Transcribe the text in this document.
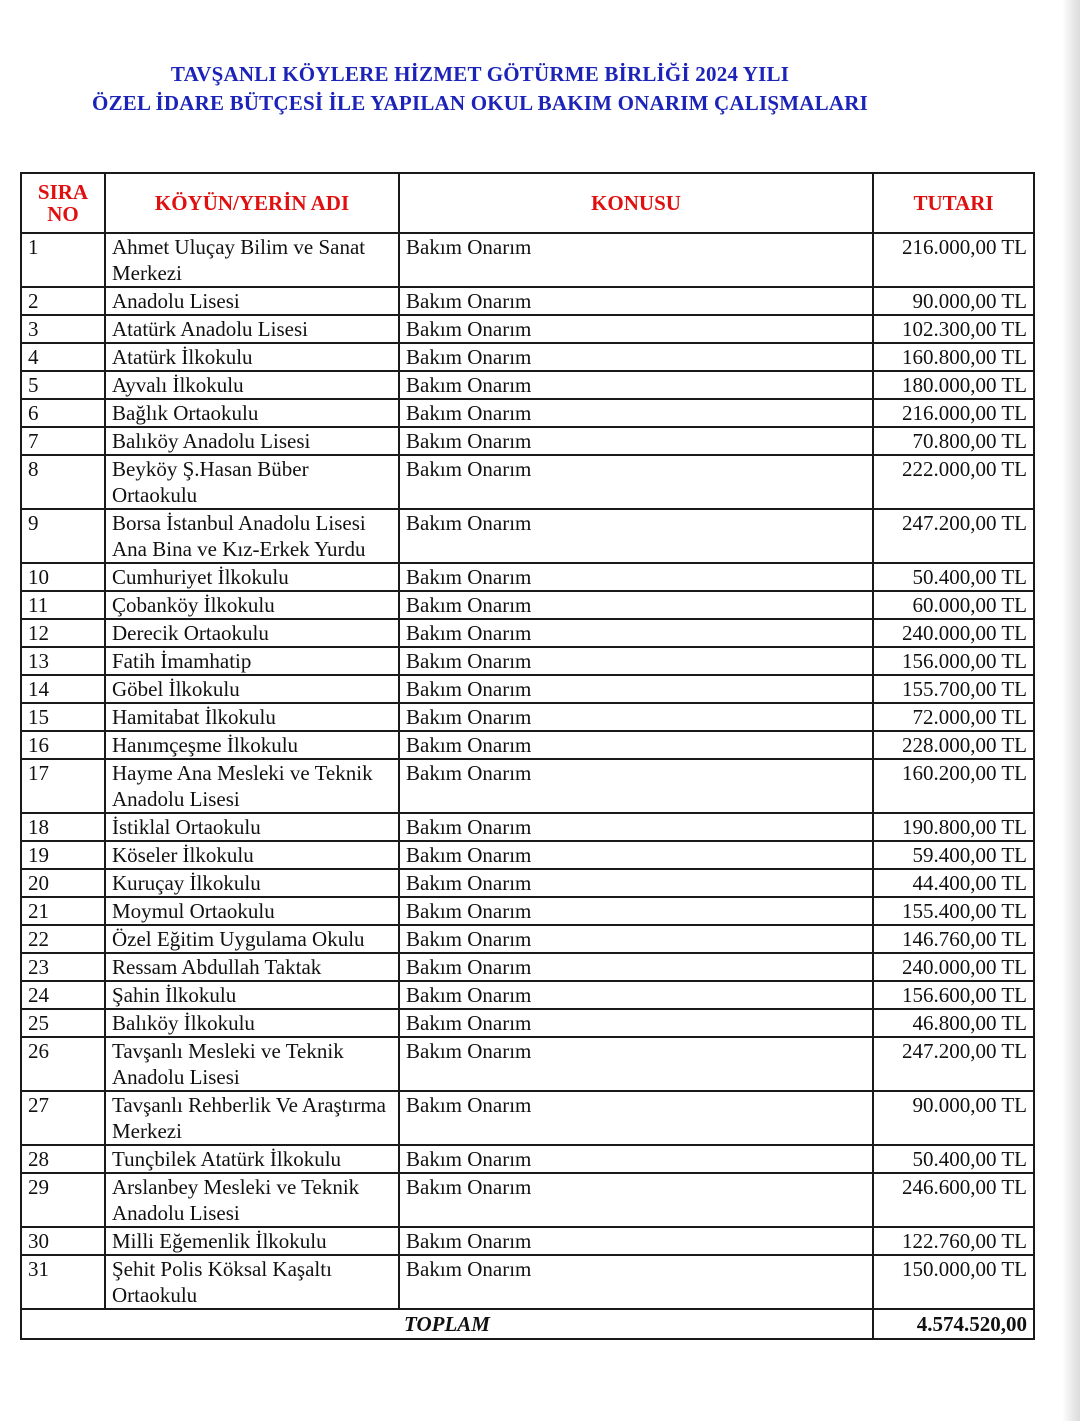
TAVŞANLI KÖYLERE HİZMET GÖTÜRME BİRLİĞİ 2024 YILI
ÖZEL İDARE BÜTÇESİ İLE YAPILAN OKUL BAKIM ONARIM ÇALIŞMALARI
SIRA
NO	KÖYÜN/YERİN ADI	KONUSU	TUTARI
1	Ahmet Uluçay Bilim ve Sanat Merkezi	Bakım Onarım	216.000,00 TL
2	Anadolu Lisesi	Bakım Onarım	90.000,00 TL
3	Atatürk Anadolu Lisesi	Bakım Onarım	102.300,00 TL
4	Atatürk İlkokulu	Bakım Onarım	160.800,00 TL
5	Ayvalı İlkokulu	Bakım Onarım	180.000,00 TL
6	Bağlık Ortaokulu	Bakım Onarım	216.000,00 TL
7	Balıköy Anadolu Lisesi	Bakım Onarım	70.800,00 TL
8	Beyköy Ş.Hasan Büber Ortaokulu	Bakım Onarım	222.000,00 TL
9	Borsa İstanbul Anadolu Lisesi Ana Bina ve Kız-Erkek Yurdu	Bakım Onarım	247.200,00 TL
10	Cumhuriyet İlkokulu	Bakım Onarım	50.400,00 TL
11	Çobanköy İlkokulu	Bakım Onarım	60.000,00 TL
12	Derecik Ortaokulu	Bakım Onarım	240.000,00 TL
13	Fatih İmamhatip	Bakım Onarım	156.000,00 TL
14	Göbel İlkokulu	Bakım Onarım	155.700,00 TL
15	Hamitabat İlkokulu	Bakım Onarım	72.000,00 TL
16	Hanımçeşme İlkokulu	Bakım Onarım	228.000,00 TL
17	Hayme Ana Mesleki ve Teknik Anadolu Lisesi	Bakım Onarım	160.200,00 TL
18	İstiklal Ortaokulu	Bakım Onarım	190.800,00 TL
19	Köseler İlkokulu	Bakım Onarım	59.400,00 TL
20	Kuruçay İlkokulu	Bakım Onarım	44.400,00 TL
21	Moymul Ortaokulu	Bakım Onarım	155.400,00 TL
22	Özel Eğitim Uygulama Okulu	Bakım Onarım	146.760,00 TL
23	Ressam Abdullah Taktak	Bakım Onarım	240.000,00 TL
24	Şahin İlkokulu	Bakım Onarım	156.600,00 TL
25	Balıköy İlkokulu	Bakım Onarım	46.800,00 TL
26	Tavşanlı Mesleki ve Teknik Anadolu Lisesi	Bakım Onarım	247.200,00 TL
27	Tavşanlı Rehberlik Ve Araştırma Merkezi	Bakım Onarım	90.000,00 TL
28	Tunçbilek Atatürk İlkokulu	Bakım Onarım	50.400,00 TL
29	Arslanbey Mesleki ve Teknik Anadolu Lisesi	Bakım Onarım	246.600,00 TL
30	Milli Eğemenlik İlkokulu	Bakım Onarım	122.760,00 TL
31	Şehit Polis Köksal Kaşaltı Ortaokulu	Bakım Onarım	150.000,00 TL
TOPLAM			4.574.520,00
